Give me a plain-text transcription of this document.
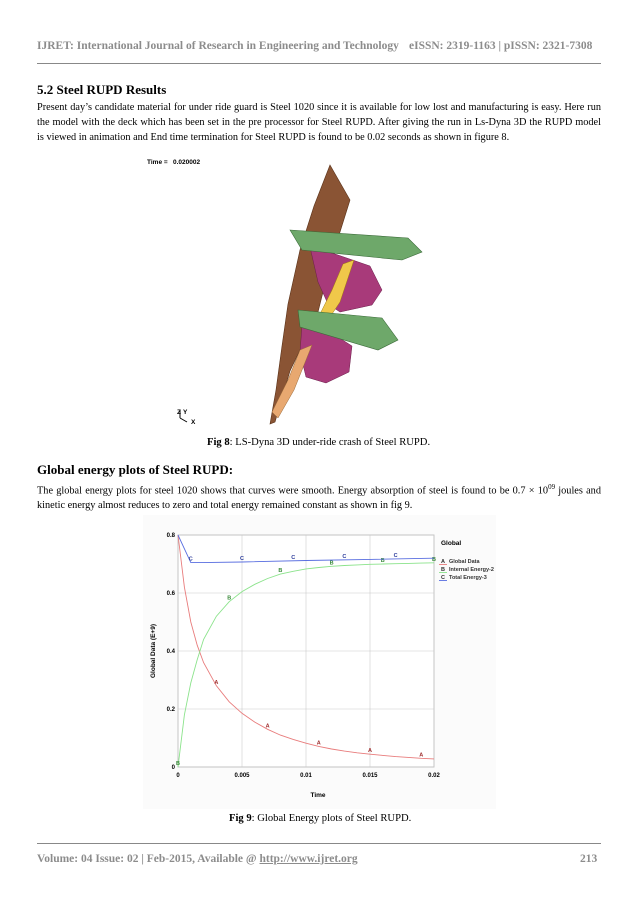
IJRET: International Journal of Research in Engineering and Technology eISSN: 2319-1163 | pISSN: 2321-7308
5.2 Steel RUPD Results
Present day’s candidate material for under ride guard is Steel 1020 since it is available for low lost and manufacturing is easy. Here run the model with the deck which has been set in the pre processor for Steel RUPD. After giving the run in Ls-Dyna 3D the RUPD model is viewed in animation and End time termination for Steel RUPD is found to be 0.02 seconds as shown in figure 8.
Time = 0.020002
Z Y
X
Fig 8: LS-Dyna 3D under-ride crash of Steel RUPD.
Global energy plots of Steel RUPD:
The global energy plots for steel 1020 shows that curves were smooth. Energy absorption of steel is found to be $0.7 \times 10^{09}$ joules and kinetic energy almost reduces to zero and total energy remained constant as shown in fig 9.
A
A
A
A
A
B
B
B
B	B	B
C	C	C	C	C
0	0.005	0.01	0.015	0.02
0
0.2
0.4
0.6
0.8
Time
Global Data (E+9)
Global
A Global Data
B Internal Energy-2
C Total Energy-3
Fig 9: Global Energy plots of Steel RUPD.
Volume: 04 Issue: 02 | Feb-2015, Available @ http://www.ijret.org	213
